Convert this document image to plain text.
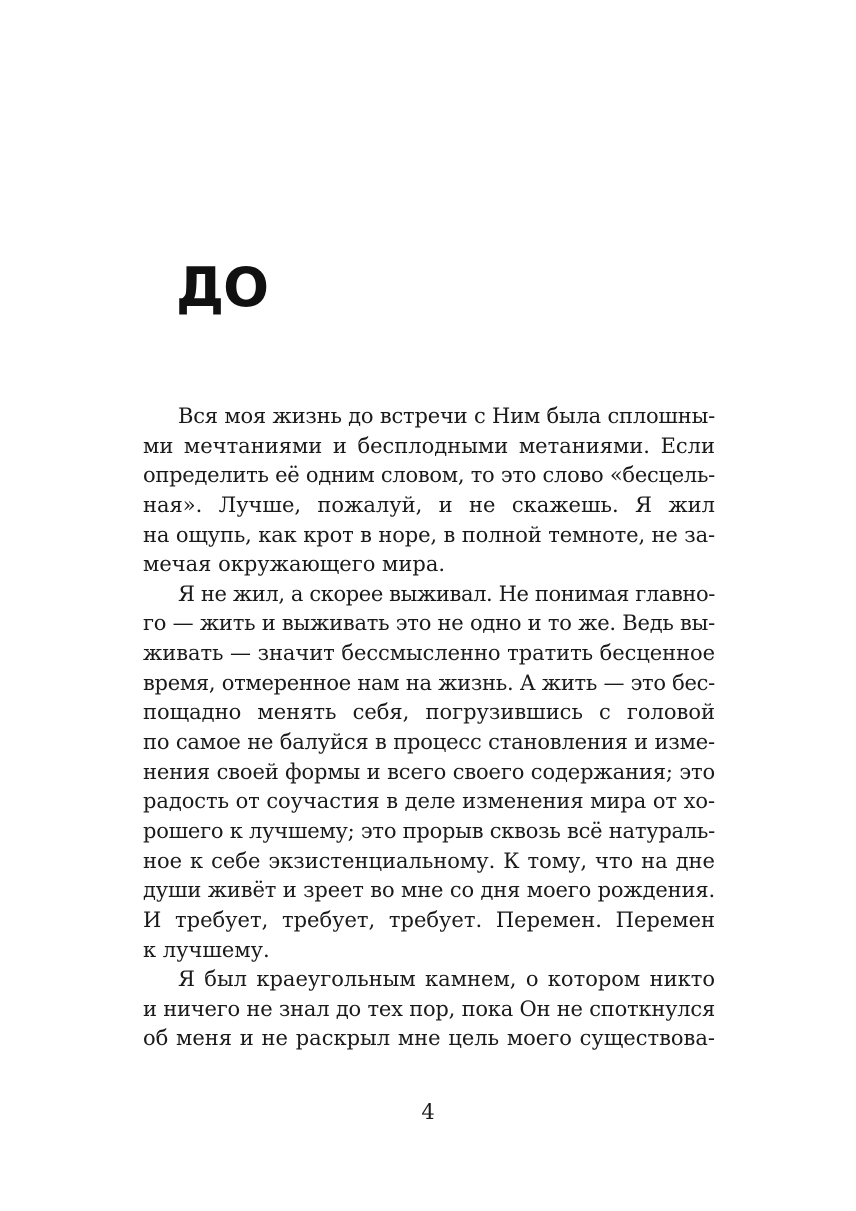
ДО
Вся моя жизнь до встречи с Ним была сплошны-
ми мечтаниями и бесплодными метаниями. Если
определить её одним словом, то это слово «бесцель-
ная». Лучше, пожалуй, и не скажешь. Я жил
на ощупь, как крот в норе, в полной темноте, не за-
мечая окружающего мира.
Я не жил, а скорее выживал. Не понимая главно-
го — жить и выживать это не одно и то же. Ведь вы-
живать — значит бессмысленно тратить бесценное
время, отмеренное нам на жизнь. А жить — это бес-
пощадно менять себя, погрузившись с головой
по самое не балуйся в процесс становления и изме-
нения своей формы и всего своего содержания; это
радость от соучастия в деле изменения мира от хо-
рошего к лучшему; это прорыв сквозь всё натураль-
ное к себе экзистенциальному. К тому, что на дне
души живёт и зреет во мне со дня моего рождения.
И требует, требует, требует. Перемен. Перемен
к лучшему.
Я был краеугольным камнем, о котором никто
и ничего не знал до тех пор, пока Он не споткнулся
об меня и не раскрыл мне цель моего существова-
4
